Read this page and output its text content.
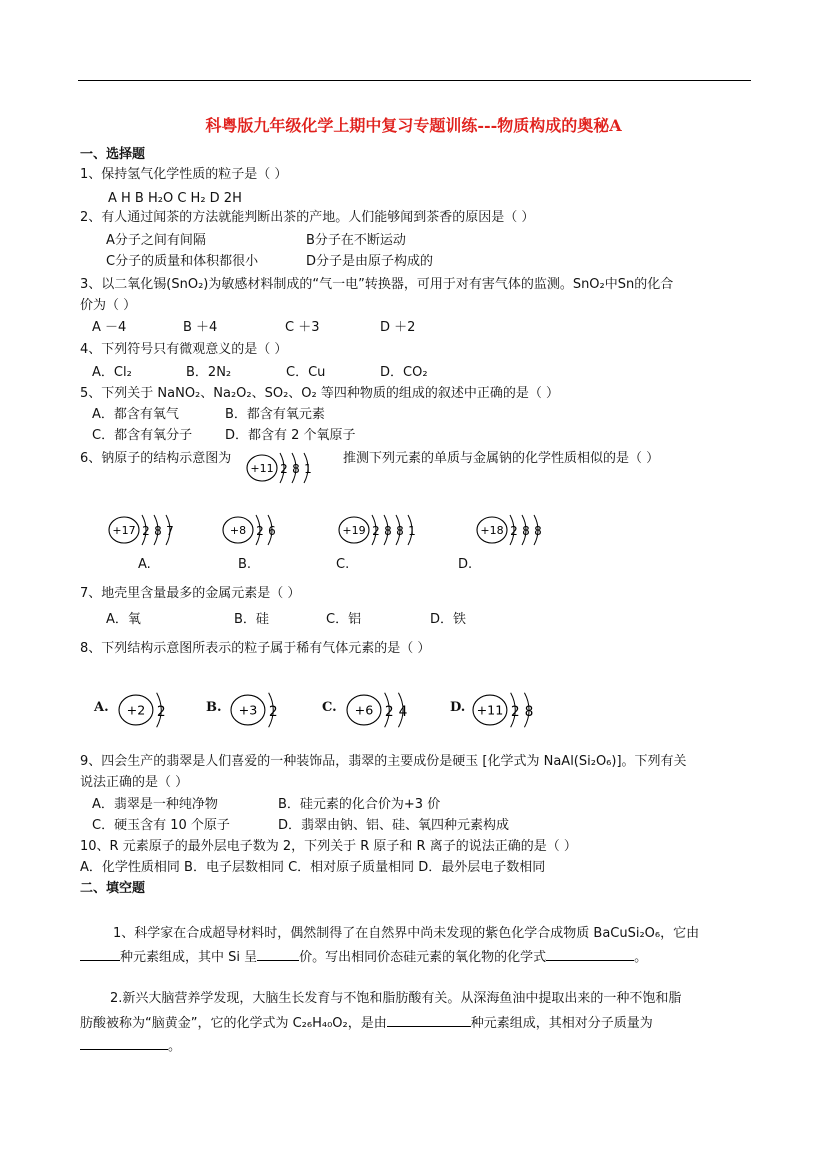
科粤版九年级化学上期中复习专题训练---物质构成的奥秘A
一、选择题
1、保持氢气化学性质的粒子是（ ）
A H B H₂O C H₂ D 2H
2、有人通过闻茶的方法就能判断出茶的产地。人们能够闻到茶香的原因是（ ）
A分子之间有间隔	B分子在不断运动
C分子的质量和体积都很小	D分子是由原子构成的
3、以二氧化锡(SnO₂)为敏感材料制成的“气一电”转换器，可用于对有害气体的监测。SnO₂中Sn的化合
价为（ ）
A －4	B ＋4	C ＋3	D ＋2
4、下列符号只有微观意义的是（ ）
A．Cl₂	B．2N₂	C．Cu	D．CO₂
5、下列关于 NaNO₂、Na₂O₂、SO₂、O₂ 等四种物质的组成的叙述中正确的是（ ）
A．都含有氧气	B．都含有氧元素
C．都含有氧分子	D．都含有 2 个氧原子
6、钠原子的结构示意图为
+11 2 8 1
推测下列元素的单质与金属钠的化学性质相似的是（ ）
+17 2 8 7	+8 2 6	+19 2 8 8 1	+18 2 8 8
A.	B.	C.	D.
7、地壳里含量最多的金属元素是（ ）
A．氧	B．硅	C．铝	D．铁
8、下列结构示意图所表示的粒子属于稀有气体元素的是（ ）
A. +2 2	B. +3 2	C. +6 2 4	D. +11 2 8
9、四会生产的翡翠是人们喜爱的一种装饰品，翡翠的主要成份是硬玉 [化学式为 NaAl(Si₂O₆)]。下列有关
说法正确的是（ ）
A．翡翠是一种纯净物	B．硅元素的化合价为+3 价
C．硬玉含有 10 个原子	D．翡翠由钠、铝、硅、氧四种元素构成
10、R 元素原子的最外层电子数为 2，下列关于 R 原子和 R 离子的说法正确的是（ ）
A．化学性质相同 B．电子层数相同 C．相对原子质量相同 D．最外层电子数相同
二、填空题
1、科学家在合成超导材料时，偶然制得了在自然界中尚未发现的紫色化学合成物质 BaCuSi₂O₆，它由
种元素组成，其中 Si 呈	价。写出相同价态硅元素的氧化物的化学式	。
2.新兴大脑营养学发现，大脑生长发育与不饱和脂肪酸有关。从深海鱼油中提取出来的一种不饱和脂
肪酸被称为“脑黄金”，它的化学式为 C₂₆H₄₀O₂，是由	种元素组成，其相对分子质量为
。
